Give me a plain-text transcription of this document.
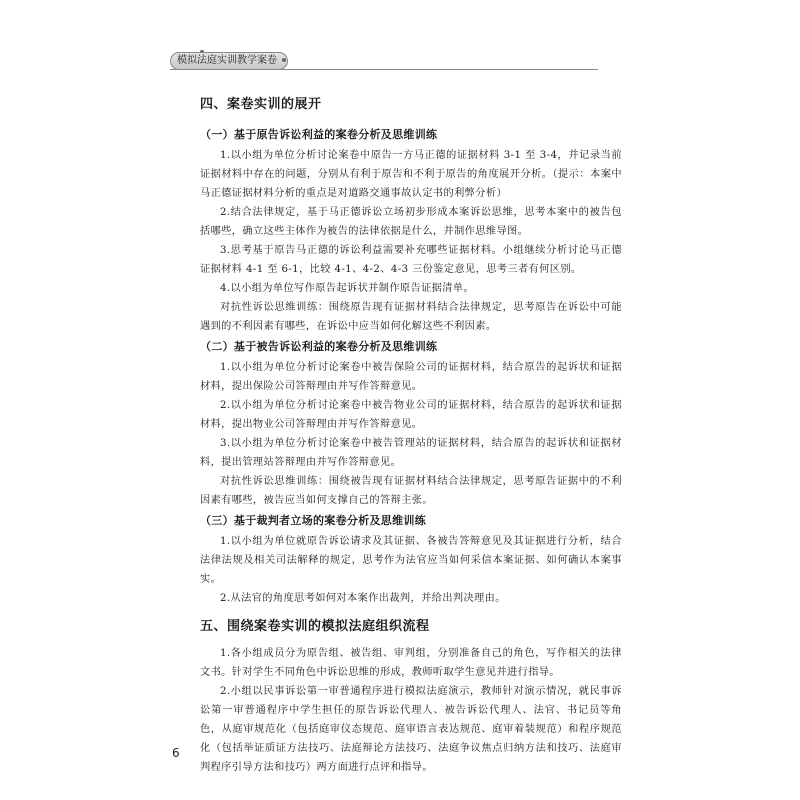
模拟法庭实训教学案卷

四、案卷实训的展开

（一）基于原告诉讼利益的案卷分析及思维训练

1.以小组为单位分析讨论案卷中原告一方马正德的证据材料 3-1 至 3-4，并记录当前证据材料中存在的问题，分别从有利于原告和不利于原告的角度展开分析。（提示：本案中马正德证据材料分析的重点是对道路交通事故认定书的利弊分析）

2.结合法律规定，基于马正德诉讼立场初步形成本案诉讼思维，思考本案中的被告包括哪些，确立这些主体作为被告的法律依据是什么，并制作思维导图。

3.思考基于原告马正德的诉讼利益需要补充哪些证据材料。小组继续分析讨论马正德证据材料 4-1 至 6-1，比较 4-1、4-2、4-3 三份鉴定意见，思考三者有何区别。

4.以小组为单位写作原告起诉状并制作原告证据清单。

对抗性诉讼思维训练：围绕原告现有证据材料结合法律规定，思考原告在诉讼中可能遇到的不利因素有哪些，在诉讼中应当如何化解这些不利因素。

（二）基于被告诉讼利益的案卷分析及思维训练

1.以小组为单位分析讨论案卷中被告保险公司的证据材料，结合原告的起诉状和证据材料，提出保险公司答辩理由并写作答辩意见。

2.以小组为单位分析讨论案卷中被告物业公司的证据材料，结合原告的起诉状和证据材料，提出物业公司答辩理由并写作答辩意见。

3.以小组为单位分析讨论案卷中被告管理站的证据材料，结合原告的起诉状和证据材料，提出管理站答辩理由并写作答辩意见。

对抗性诉讼思维训练：围绕被告现有证据材料结合法律规定，思考原告证据中的不利因素有哪些，被告应当如何支撑自己的答辩主张。

（三）基于裁判者立场的案卷分析及思维训练

1.以小组为单位就原告诉讼请求及其证据、各被告答辩意见及其证据进行分析，结合法律法规及相关司法解释的规定，思考作为法官应当如何采信本案证据、如何确认本案事实。

2.从法官的角度思考如何对本案作出裁判，并给出判决理由。

五、围绕案卷实训的模拟法庭组织流程

1.各小组成员分为原告组、被告组、审判组，分别准备自己的角色，写作相关的法律文书。针对学生不同角色中诉讼思维的形成，教师听取学生意见并进行指导。

2.小组以民事诉讼第一审普通程序进行模拟法庭演示，教师针对演示情况，就民事诉讼第一审普通程序中学生担任的原告诉讼代理人、被告诉讼代理人、法官、书记员等角色，从庭审规范化（包括庭审仪态规范、庭审语言表达规范、庭审着装规范）和程序规范化（包括举证质证方法技巧、法庭辩论方法技巧、法庭争议焦点归纳方法和技巧、法庭审判程序引导方法和技巧）两方面进行点评和指导。

6
